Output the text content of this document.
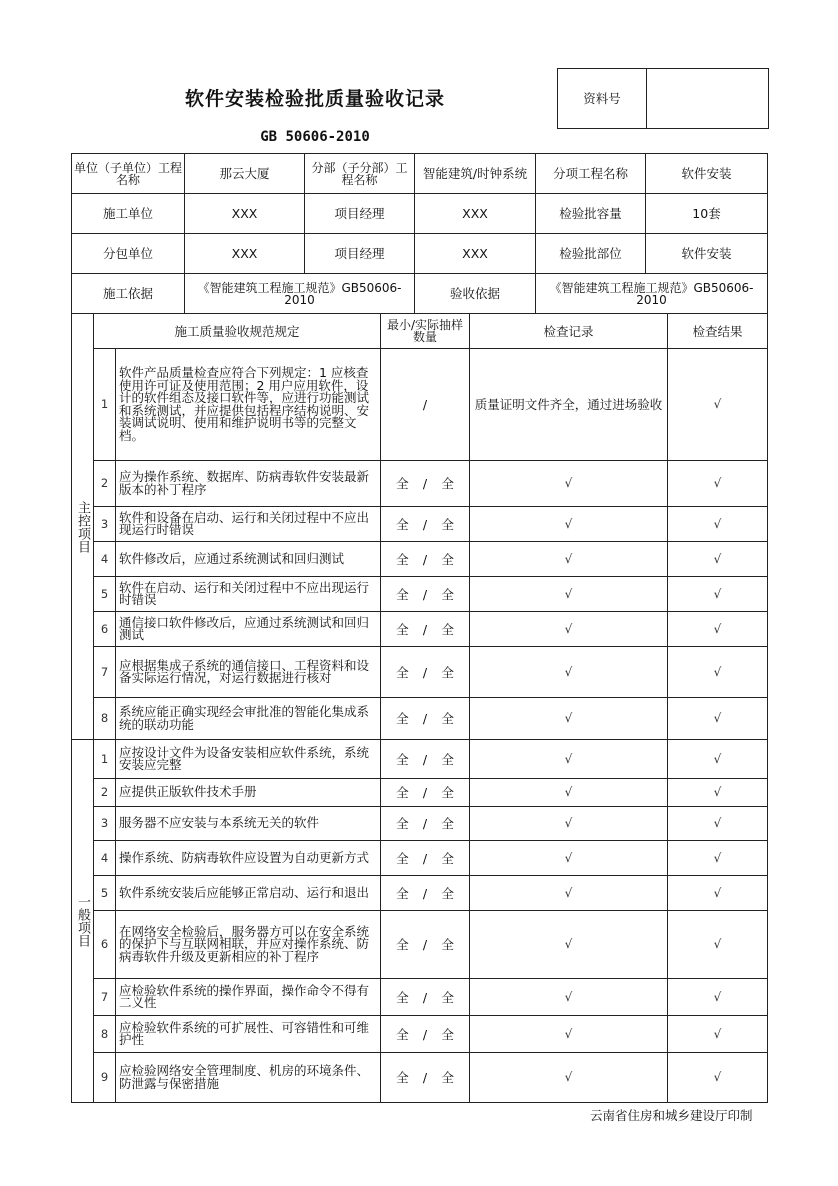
软件安装检验批质量验收记录
GB 50606-2010
资料号	
单位（子单位）工程名称	那云大厦	分部（子分部）工程名称	智能建筑/时钟系统	分项工程名称	软件安装
施工单位	XXX	项目经理	XXX	检验批容量	10套
分包单位	XXX	项目经理	XXX	检验批部位	软件安装
施工依据	《智能建筑工程施工规范》GB50606-2010		验收依据	《智能建筑工程施工规范》GB50606-2010	
主控项目	施工质量验收规范规定		最小/实际抽样数量	检查记录	检查结果
	1	软件产品质量检查应符合下列规定：1 应核查使用许可证及使用范围；2 用户应用软件，设计的软件组态及接口软件等，应进行功能测试和系统测试，并应提供包括程序结构说明、安装调试说明、使用和维护说明书等的完整文档。	/	质量证明文件齐全，通过进场验收	√
	2	应为操作系统、数据库、防病毒软件安装最新版本的补丁程序	全 / 全	√	√
	3	软件和设备在启动、运行和关闭过程中不应出现运行时错误	全 / 全	√	√
	4	软件修改后，应通过系统测试和回归测试	全 / 全	√	√
	5	软件在启动、运行和关闭过程中不应出现运行时错误	全 / 全	√	√
	6	通信接口软件修改后，应通过系统测试和回归测试	全 / 全	√	√
	7	应根据集成子系统的通信接口、工程资料和设备实际运行情况，对运行数据进行核对	全 / 全	√	√
	8	系统应能正确实现经会审批准的智能化集成系统的联动功能	全 / 全	√	√
一般项目	1	应按设计文件为设备安装相应软件系统，系统安装应完整	全 / 全	√	√
	2	应提供正版软件技术手册	全 / 全	√	√
	3	服务器不应安装与本系统无关的软件	全 / 全	√	√
	4	操作系统、防病毒软件应设置为自动更新方式	全 / 全	√	√
	5	软件系统安装后应能够正常启动、运行和退出	全 / 全	√	√
	6	在网络安全检验后，服务器方可以在安全系统的保护下与互联网相联，并应对操作系统、防病毒软件升级及更新相应的补丁程序	全 / 全	√	√
	7	应检验软件系统的操作界面，操作命令不得有二义性	全 / 全	√	√
	8	应检验软件系统的可扩展性、可容错性和可维护性	全 / 全	√	√
	9	应检验网络安全管理制度、机房的环境条件、防泄露与保密措施	全 / 全	√	√
云南省住房和城乡建设厅印制
